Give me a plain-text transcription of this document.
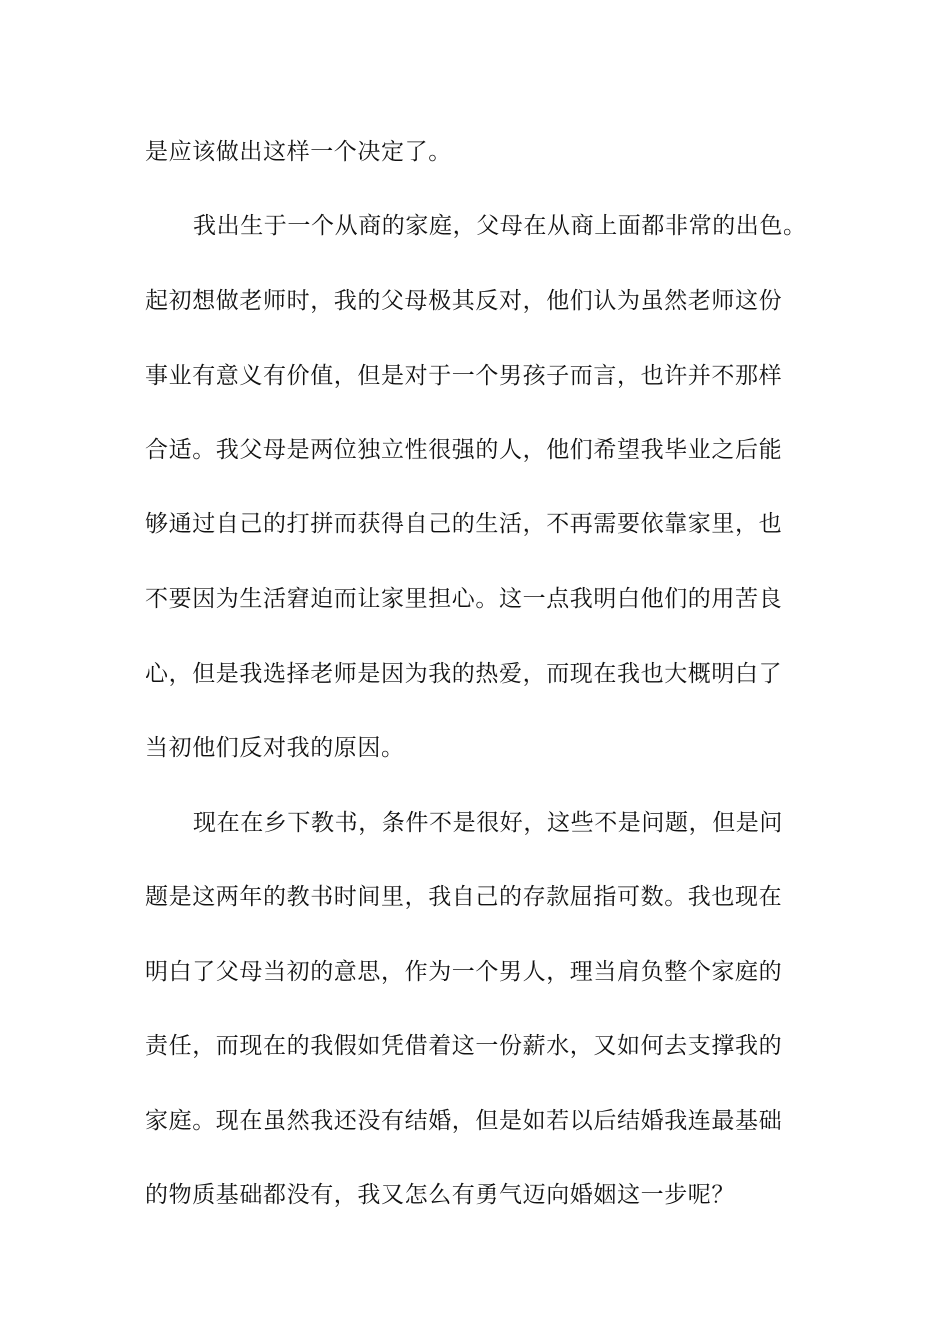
是应该做出这样一个决定了。
我出生于一个从商的家庭，父母在从商上面都非常的出色。
起初想做老师时，我的父母极其反对，他们认为虽然老师这份
事业有意义有价值，但是对于一个男孩子而言，也许并不那样
合适。我父母是两位独立性很强的人，他们希望我毕业之后能
够通过自己的打拼而获得自己的生活，不再需要依靠家里，也
不要因为生活窘迫而让家里担心。这一点我明白他们的用苦良
心，但是我选择老师是因为我的热爱，而现在我也大概明白了
当初他们反对我的原因。
现在在乡下教书，条件不是很好，这些不是问题，但是问
题是这两年的教书时间里，我自己的存款屈指可数。我也现在
明白了父母当初的意思，作为一个男人，理当肩负整个家庭的
责任，而现在的我假如凭借着这一份薪水，又如何去支撑我的
家庭。现在虽然我还没有结婚，但是如若以后结婚我连最基础
的物质基础都没有，我又怎么有勇气迈向婚姻这一步呢？
